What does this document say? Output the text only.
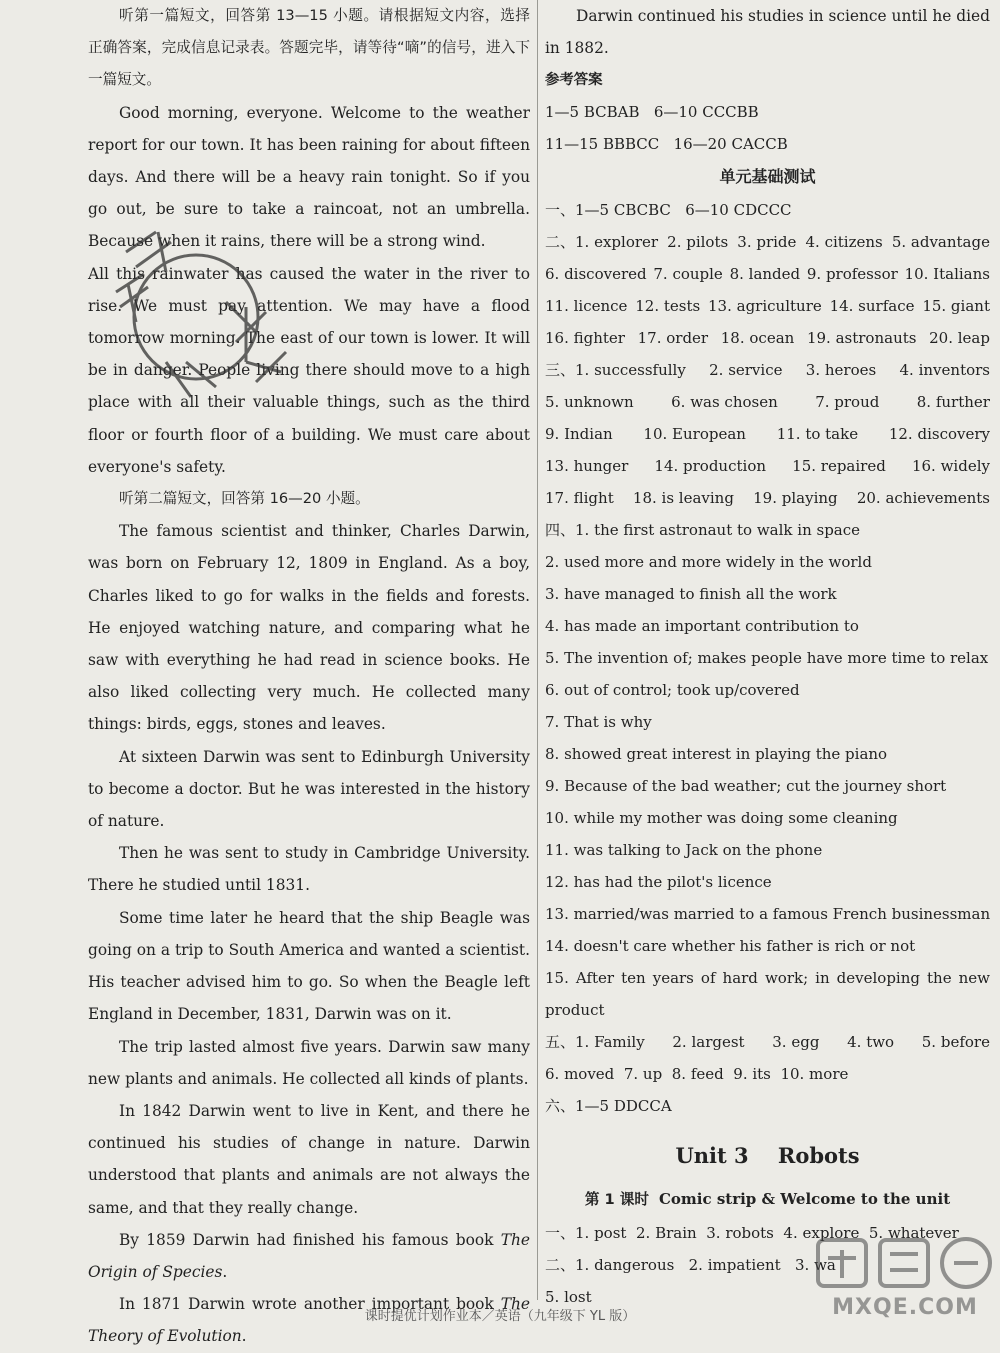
听第一篇短文，回答第 13—15 小题。请根据短文内容，选择正确答案，完成信息记录表。答题完毕，请等待“嘀”的信号，进入下一篇短文。

Good morning, everyone. Welcome to the weather report for our town. It has been raining for about fifteen days. And there will be a heavy rain tonight. So if you go out, be sure to take a raincoat, not an umbrella. Because when it rains, there will be a strong wind.

All this rainwater has caused the water in the river to rise. We must pay attention. We may have a flood tomorrow morning. The east of our town is lower. It will be in danger. People living there should move to a high place with all their valuable things, such as the third floor or fourth floor of a building. We must care about everyone's safety.

听第二篇短文，回答第 16—20 小题。

The famous scientist and thinker, Charles Darwin, was born on February 12, 1809 in England. As a boy, Charles liked to go for walks in the fields and forests. He enjoyed watching nature, and comparing what he saw with everything he had read in science books. He also liked collecting very much. He collected many things: birds, eggs, stones and leaves.

At sixteen Darwin was sent to Edinburgh University to become a doctor. But he was interested in the history of nature.

Then he was sent to study in Cambridge University. There he studied until 1831.

Some time later he heard that the ship Beagle was going on a trip to South America and wanted a scientist. His teacher advised him to go. So when the Beagle left England in December, 1831, Darwin was on it.

The trip lasted almost five years. Darwin saw many new plants and animals. He collected all kinds of plants.

In 1842 Darwin went to live in Kent, and there he continued his studies of change in nature. Darwin understood that plants and animals are not always the same, and that they really change.

By 1859 Darwin had finished his famous book The Origin of Species.

In 1871 Darwin wrote another important book The Theory of Evolution.

Darwin continued his studies in science until he died in 1882.

参考答案

1—5 BCBAB   6—10 CCCBB

11—15 BBBCC   16—20 CACCB

单元基础测试

一、1—5 CBCBC   6—10 CDCCC

二、1. explorer 2. pilots 3. pride 4. citizens 5. advantage

6. discovered 7. couple 8. landed 9. professor 10. Italians

11. licence 12. tests 13. agriculture 14. surface 15. giant

16. fighter 17. order 18. ocean 19. astronauts 20. leap

三、1. successfully 2. service 3. heroes 4. inventors

5. unknown 6. was chosen 7. proud 8. further

9. Indian 10. European 11. to take 12. discovery

13. hunger 14. production 15. repaired 16. widely

17. flight 18. is leaving 19. playing 20. achievements

四、1. the first astronaut to walk in space

2. used more and more widely in the world

3. have managed to finish all the work

4. has made an important contribution to

5. The invention of; makes people have more time to relax

6. out of control; took up/covered

7. That is why

8. showed great interest in playing the piano

9. Because of the bad weather; cut the journey short

10. while my mother was doing some cleaning

11. was talking to Jack on the phone

12. has had the pilot's licence

13. married/was married to a famous French businessman

14. doesn't care whether his father is rich or not

15. After ten years of hard work; in developing the new product

五、1. Family 2. largest 3. egg 4. two 5. before

6. moved 7. up 8. feed 9. its 10. more

六、1—5 DDCCA

Unit 3    Robots

第 1 课时 Comic strip & Welcome to the unit

一、1. post 2. Brain 3. robots 4. explore 5. whatever

二、1. dangerous 2. impatient 3. wa

5. lost	MXQE.COM
课时提优计划作业本／英语（九年级下 YL 版）
